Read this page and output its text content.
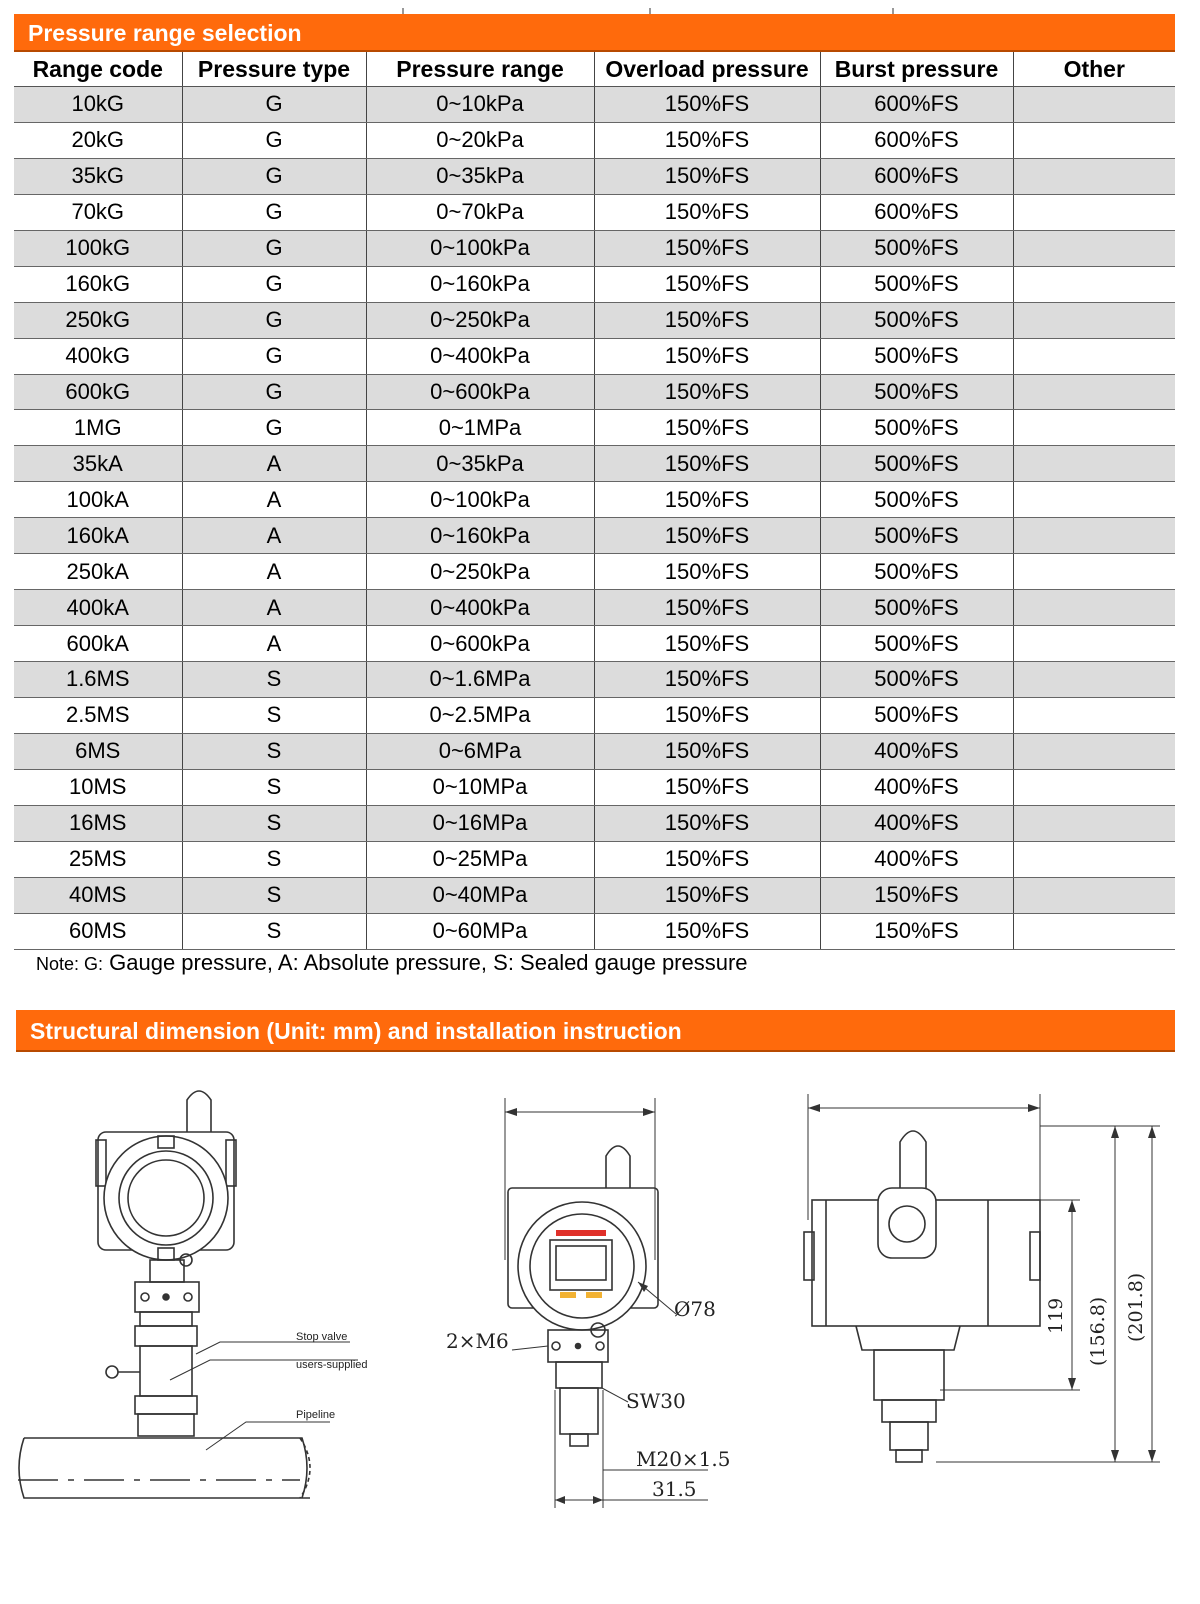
Pressure range selection
Range code	Pressure type	Pressure range	Overload pressure	Burst pressure	Other
10kG	G	0~10kPa	150%FS	600%FS	
20kG	G	0~20kPa	150%FS	600%FS	
35kG	G	0~35kPa	150%FS	600%FS	
70kG	G	0~70kPa	150%FS	600%FS	
100kG	G	0~100kPa	150%FS	500%FS	
160kG	G	0~160kPa	150%FS	500%FS	
250kG	G	0~250kPa	150%FS	500%FS	
400kG	G	0~400kPa	150%FS	500%FS	
600kG	G	0~600kPa	150%FS	500%FS	
1MG	G	0~1MPa	150%FS	500%FS	
35kA	A	0~35kPa	150%FS	500%FS	
100kA	A	0~100kPa	150%FS	500%FS	
160kA	A	0~160kPa	150%FS	500%FS	
250kA	A	0~250kPa	150%FS	500%FS	
400kA	A	0~400kPa	150%FS	500%FS	
600kA	A	0~600kPa	150%FS	500%FS	
1.6MS	S	0~1.6MPa	150%FS	500%FS	
2.5MS	S	0~2.5MPa	150%FS	500%FS	
6MS	S	0~6MPa	150%FS	400%FS	
10MS	S	0~10MPa	150%FS	400%FS	
16MS	S	0~16MPa	150%FS	400%FS	
25MS	S	0~25MPa	150%FS	400%FS	
40MS	S	0~40MPa	150%FS	150%FS	
60MS	S	0~60MPa	150%FS	150%FS	
Note: G: Gauge pressure, A: Absolute pressure, S: Sealed gauge pressure
Structural dimension (Unit: mm) and installation instruction
Stop valve
users-supplied
Pipeline
Ø78
2×M6
SW30
M20×1.5
31.5
119 (156.8) (201.8)
